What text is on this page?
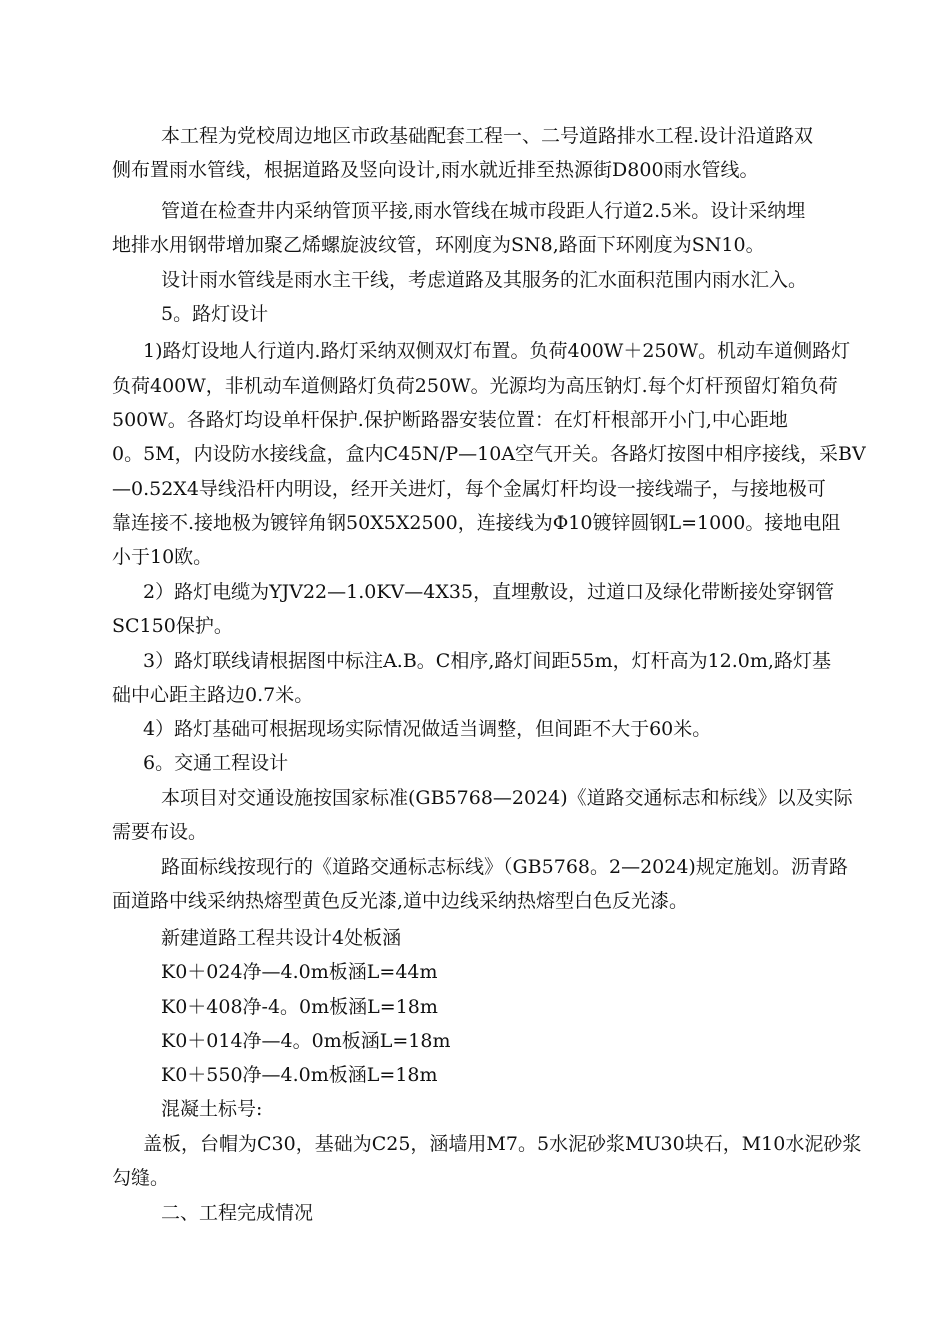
本工程为党校周边地区市政基础配套工程一、二号道路排水工程.设计沿道路双
侧布置雨水管线，根据道路及竖向设计,雨水就近排至热源街D800雨水管线。
管道在检查井内采纳管顶平接,雨水管线在城市段距人行道2.5米。设计采纳埋
地排水用钢带增加聚乙烯螺旋波纹管，环刚度为SN8,路面下环刚度为SN10。
设计雨水管线是雨水主干线，考虑道路及其服务的汇水面积范围内雨水汇入。
5。路灯设计
1)路灯设地人行道内.路灯采纳双侧双灯布置。负荷400W＋250W。机动车道侧路灯
负荷400W，非机动车道侧路灯负荷250W。光源均为高压钠灯.每个灯杆预留灯箱负荷
500W。各路灯均设单杆保护.保护断路器安装位置：在灯杆根部开小门,中心距地
0。5M，内设防水接线盒，盒内C45N/P—10A空气开关。各路灯按图中相序接线，采BV
—0.52X4导线沿杆内明设，经开关进灯，每个金属灯杆均设一接线端子，与接地极可
靠连接不.接地极为镀锌角钢50X5X2500，连接线为Φ10镀锌圆钢L=1000。接地电阻
小于10欧。
2）路灯电缆为YJV22—1.0KV—4X35，直埋敷设，过道口及绿化带断接处穿钢管
SC150保护。
3）路灯联线请根据图中标注A.B。C相序,路灯间距55m，灯杆高为12.0m,路灯基
础中心距主路边0.7米。
4）路灯基础可根据现场实际情况做适当调整，但间距不大于60米。
6。交通工程设计
本项目对交通设施按国家标准(GB5768—2024)《道路交通标志和标线》以及实际
需要布设。
路面标线按现行的《道路交通标志标线》（GB5768。2—2024)规定施划。沥青路
面道路中线采纳热熔型黄色反光漆,道中边线采纳热熔型白色反光漆。
新建道路工程共设计4处板涵
K0＋024净—4.0m板涵L=44m
K0＋408净-4。0m板涵L=18m
K0＋014净—4。0m板涵L=18m
K0＋550净—4.0m板涵L=18m
混凝土标号:
盖板，台帽为C30，基础为C25，涵墙用M7。5水泥砂浆MU30块石，M10水泥砂浆
勾缝。
二、工程完成情况
